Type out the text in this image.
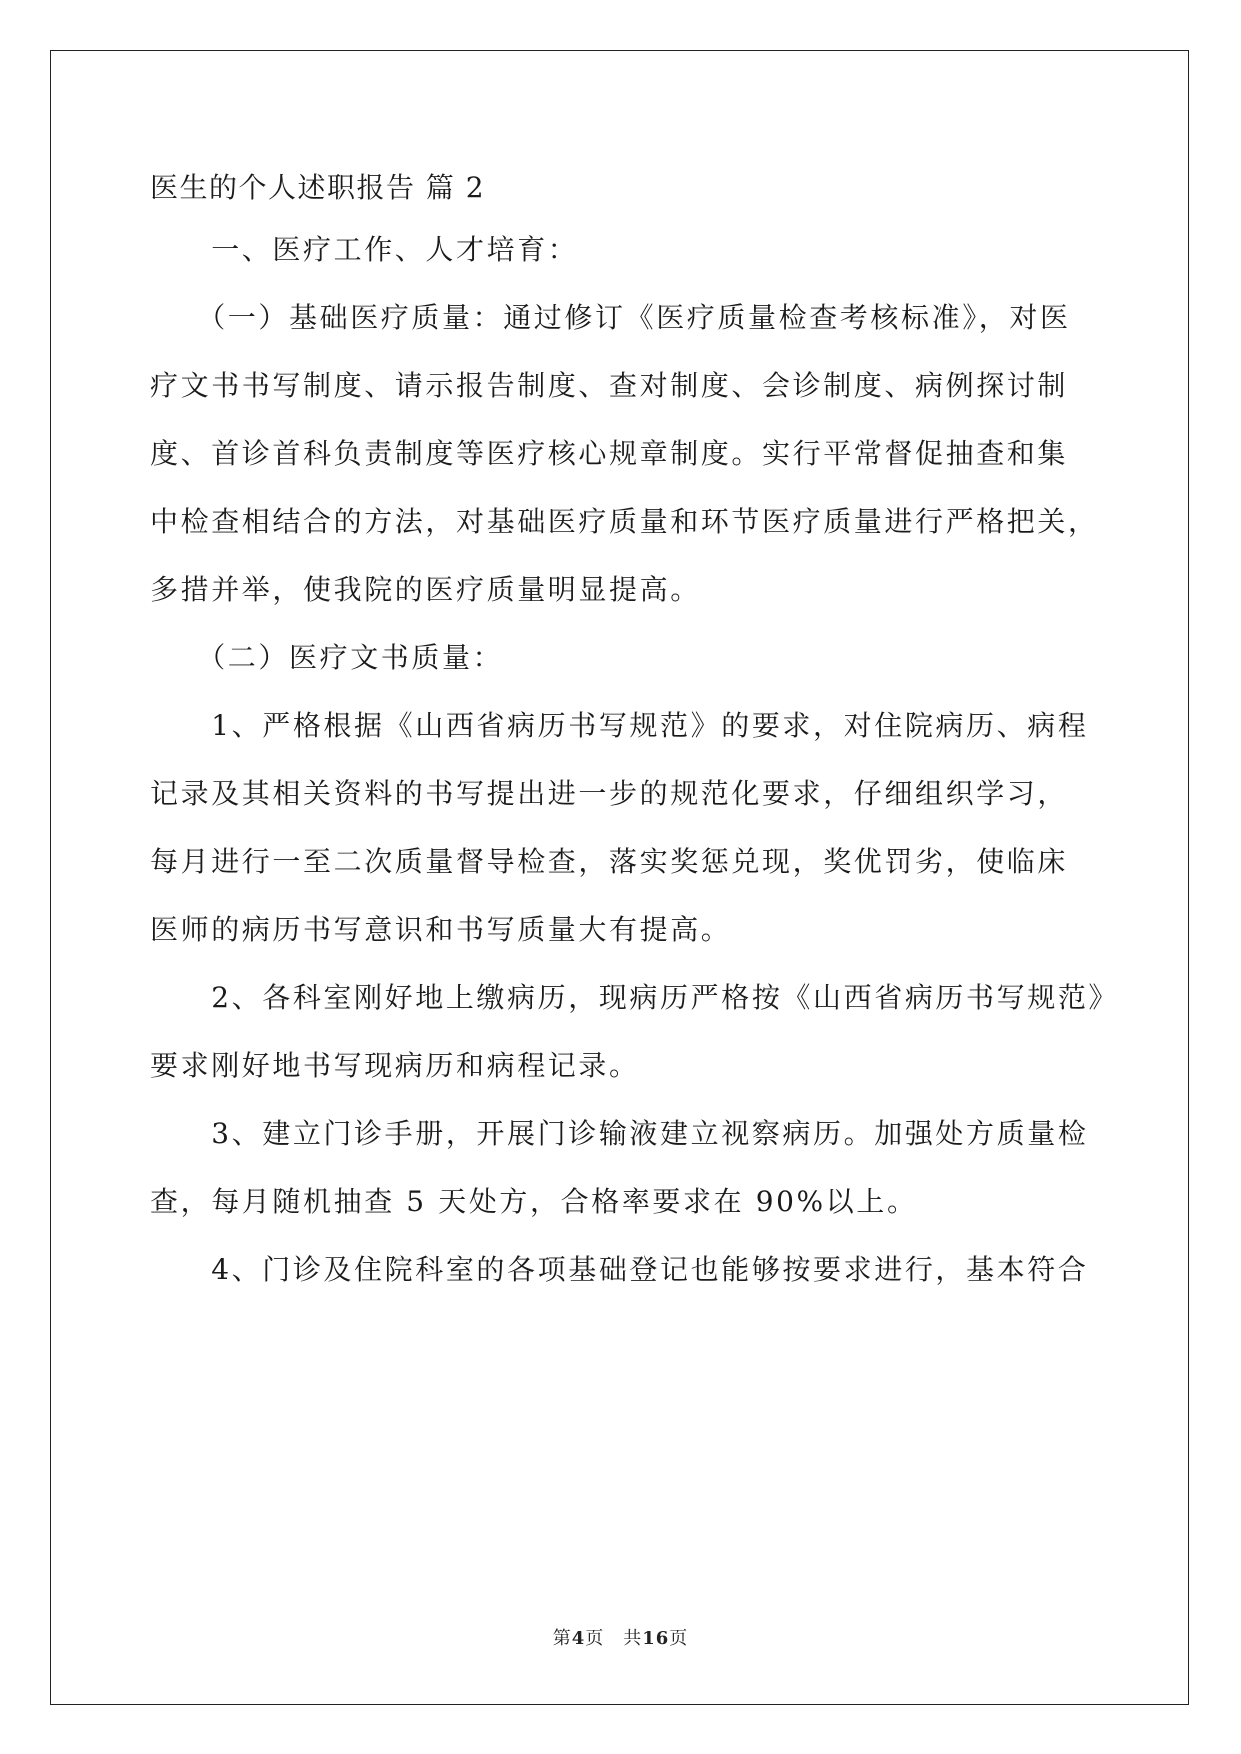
医生的个人述职报告 篇 2
　　一、医疗工作、人才培育：
　　（一）基础医疗质量：通过修订《医疗质量检查考核标准》，对医
疗文书书写制度、请示报告制度、查对制度、会诊制度、病例探讨制
度、首诊首科负责制度等医疗核心规章制度。实行平常督促抽查和集
中检查相结合的方法，对基础医疗质量和环节医疗质量进行严格把关，
多措并举，使我院的医疗质量明显提高。
　　（二）医疗文书质量：
　　1、严格根据《山西省病历书写规范》的要求，对住院病历、病程
记录及其相关资料的书写提出进一步的规范化要求，仔细组织学习，
每月进行一至二次质量督导检查，落实奖惩兑现，奖优罚劣，使临床
医师的病历书写意识和书写质量大有提高。
　　2、各科室刚好地上缴病历，现病历严格按《山西省病历书写规范》
要求刚好地书写现病历和病程记录。
　　3、建立门诊手册，开展门诊输液建立视察病历。加强处方质量检
查，每月随机抽查 5 天处方，合格率要求在 90%以上。
　　4、门诊及住院科室的各项基础登记也能够按要求进行，基本符合
第4页　共16页
